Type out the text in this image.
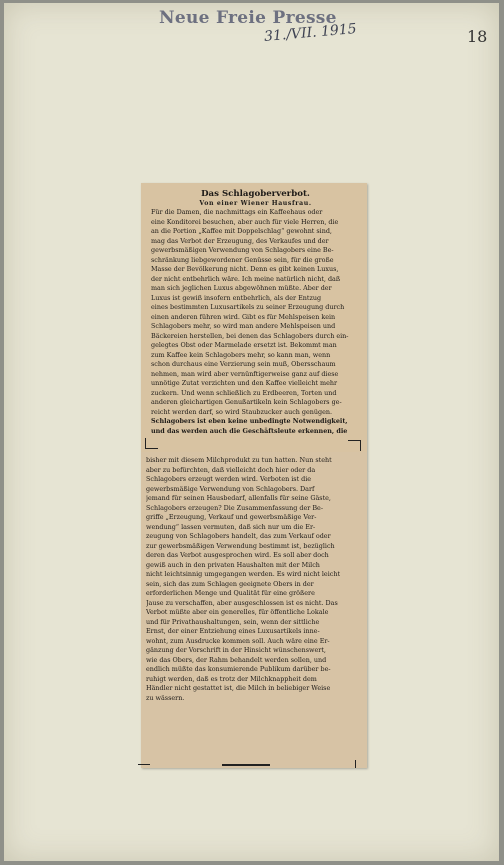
Neue Freie Presse
31./VII. 1915	18
Das Schlagoberverbot.
Von einer Wiener Hausfrau.
Für die Damen, die nachmittags ein Kaffeehaus oder
eine Konditorei besuchen, aber auch für viele Herren, die
an die Portion „Kaffee mit Doppelschlag“ gewohnt sind,
mag das Verbot der Erzeugung, des Verkaufes und der
gewerbsmäßigen Verwendung von Schlagobers eine Be-
schränkung liebgewordener Genüsse sein, für die große
Masse der Bevölkerung nicht. Denn es gibt keinen Luxus,
der nicht entbehrlich wäre. Ich meine natürlich nicht, daß
man sich jeglichen Luxus abgewöhnen müßte. Aber der
Luxus ist gewiß insofern entbehrlich, als der Entzug
eines bestimmten Luxusartikels zu seiner Erzeugung durch
einen anderen führen wird. Gibt es für Mehlspeisen kein
Schlagobers mehr, so wird man andere Mehlspeisen und
Bäckereien herstellen, bei denen das Schlagobers durch ein-
gelegtes Obst oder Marmelade ersetzt ist. Bekommt man
zum Kaffee kein Schlagobers mehr, so kann man, wenn
schon durchaus eine Verzierung sein muß, Obersschaum
nehmen, man wird aber vernünftigerweise ganz auf diese
unnötige Zutat verzichten und den Kaffee vielleicht mehr
zuckern. Und wenn schließlich zu Erdbeeren, Torten und
anderen gleichartigen Genußartikeln kein Schlagobers ge-
reicht werden darf, so wird Staubzucker auch genügen.
Schlagobers ist eben keine unbedingte Notwendigkeit,
und das werden auch die Geschäftsleute erkennen, die
bisher mit diesem Milchprodukt zu tun hatten. Nun steht
aber zu befürchten, daß vielleicht doch hier oder da
Schlagobers erzeugt werden wird. Verboten ist die
gewerbsmäßige Verwendung von Schlagobers. Darf
jemand für seinen Hausbedarf, allenfalls für seine Gäste,
Schlagobers erzeugen? Die Zusammenfassung der Be-
griffe „Erzeugung, Verkauf und gewerbsmäßige Ver-
wendung“ lassen vermuten, daß sich nur um die Er-
zeugung von Schlagobers handelt, das zum Verkauf oder
zur gewerbsmäßigen Verwendung bestimmt ist, bezüglich
deren das Verbot ausgesprochen wird. Es soll aber doch
gewiß auch in den privaten Haushalten mit der Milch
nicht leichtsinnig umgegangen werden. Es wird nicht leicht
sein, sich das zum Schlagen geeignete Obers in der
erforderlichen Menge und Qualität für eine größere
Jause zu verschaffen, aber ausgeschlossen ist es nicht. Das
Verbot müßte aber ein generelles, für öffentliche Lokale
und für Privathaushaltungen, sein, wenn der sittliche
Ernst, der einer Entziehung eines Luxusartikels inne-
wohnt, zum Ausdrucke kommen soll. Auch wäre eine Er-
gänzung der Vorschrift in der Hinsicht wünschenswert,
wie das Obers, der Rahm behandelt werden sollen, und
endlich müßte das konsumierende Publikum darüber be-
ruhigt werden, daß es trotz der Milchknappheit dem
Händler nicht gestattet ist, die Milch in beliebiger Weise
zu wässern.
